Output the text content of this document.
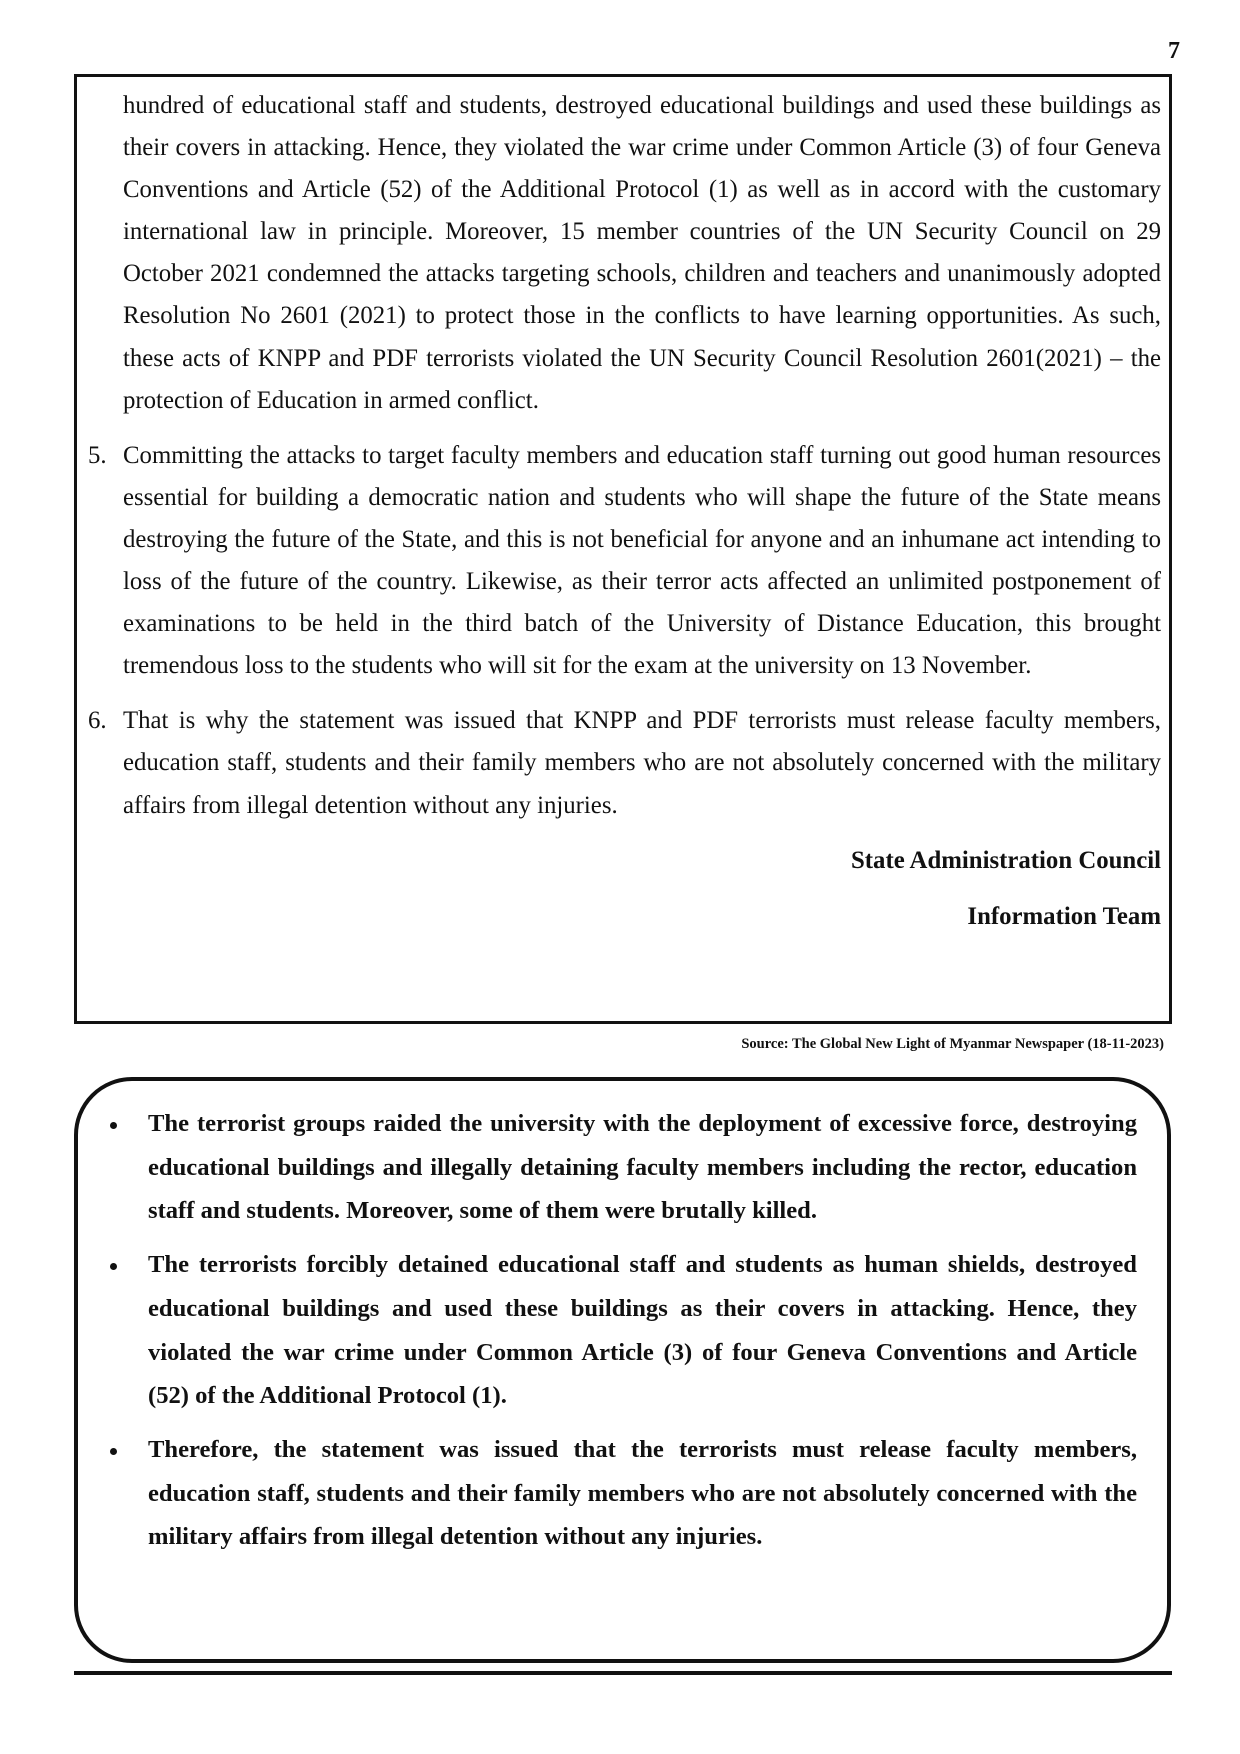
7

hundred of educational staff and students, destroyed educational buildings and used these buildings as their covers in attacking. Hence, they violated the war crime under Common Article (3) of four Geneva Conventions and Article (52) of the Additional Protocol (1) as well as in accord with the customary international law in principle. Moreover, 15 member countries of the UN Security Council on 29 October 2021 condemned the attacks targeting schools, children and teachers and unanimously adopted Resolution No 2601 (2021) to protect those in the conflicts to have learning opportunities. As such, these acts of KNPP and PDF terrorists violated the UN Security Council Resolution 2601(2021) – the protection of Education in armed conflict.

5. Committing the attacks to target faculty members and education staff turning out good human resources essential for building a democratic nation and students who will shape the future of the State means destroying the future of the State, and this is not beneficial for anyone and an inhumane act intending to loss of the future of the country. Likewise, as their terror acts affected an unlimited postponement of examinations to be held in the third batch of the University of Distance Education, this brought tremendous loss to the students who will sit for the exam at the university on 13 November.

6. That is why the statement was issued that KNPP and PDF terrorists must release faculty members, education staff, students and their family members who are not absolutely concerned with the military affairs from illegal detention without any injuries.

State Administration Council

Information Team

Source: The Global New Light of Myanmar Newspaper (18-11-2023)
The terrorist groups raided the university with the deployment of excessive force, destroying educational buildings and illegally detaining faculty members including the rector, education staff and students. Moreover, some of them were brutally killed.
The terrorists forcibly detained educational staff and students as human shields, destroyed educational buildings and used these buildings as their covers in attacking. Hence, they violated the war crime under Common Article (3) of four Geneva Conventions and Article (52) of the Additional Protocol (1).
Therefore, the statement was issued that the terrorists must release faculty members, education staff, students and their family members who are not absolutely concerned with the military affairs from illegal detention without any injuries.
